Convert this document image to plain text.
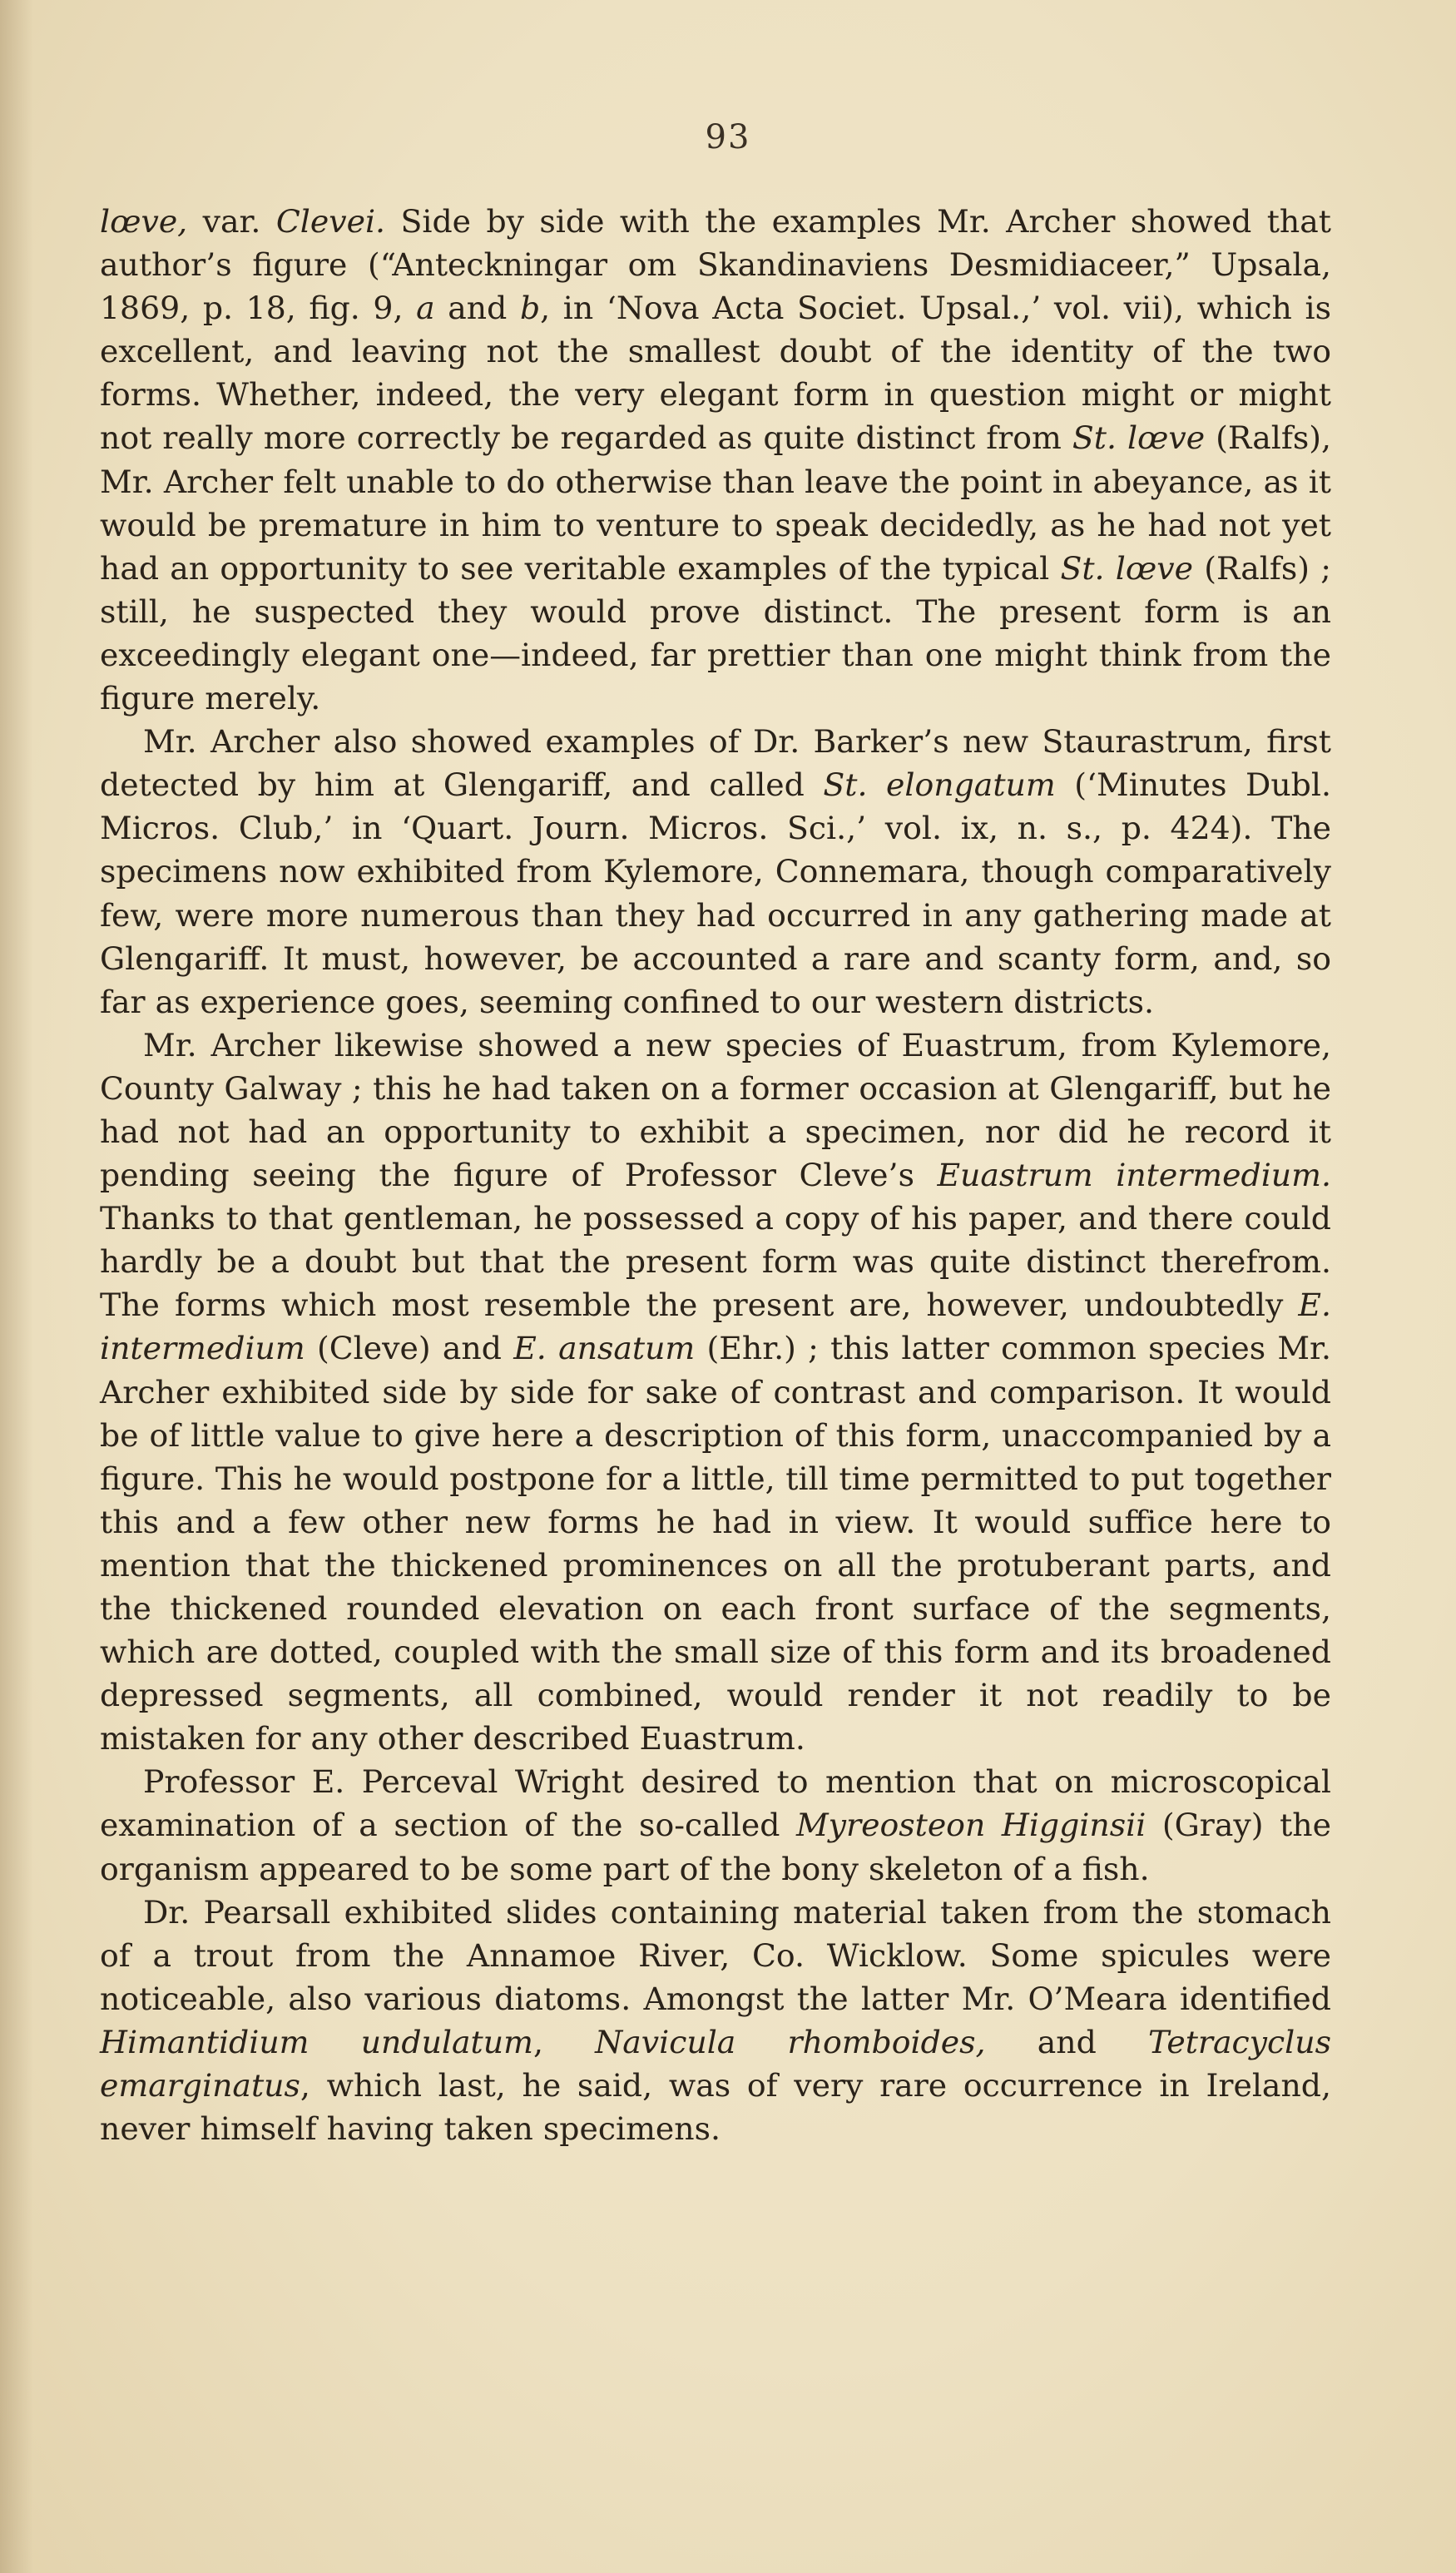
93

lœve, var. Clevei. Side by side with the examples Mr. Archer showed that author’s figure (“Anteckningar om Skandinaviens Desmidiaceer,” Upsala, 1869, p. 18, fig. 9, a and b, in ‘Nova Acta Societ. Upsal.,’ vol. vii), which is excellent, and leaving not the smallest doubt of the identity of the two forms. Whether, indeed, the very elegant form in question might or might not really more correctly be regarded as quite distinct from St. lœve (Ralfs), Mr. Archer felt unable to do otherwise than leave the point in abeyance, as it would be premature in him to venture to speak decidedly, as he had not yet had an opportunity to see veritable examples of the typical St. lœve (Ralfs) ; still, he suspected they would prove distinct. The present form is an exceedingly elegant one—indeed, far prettier than one might think from the figure merely.

Mr. Archer also showed examples of Dr. Barker’s new Staurastrum, first detected by him at Glengariff, and called St. elongatum (‘Minutes Dubl. Micros. Club,’ in ‘Quart. Journ. Micros. Sci.,’ vol. ix, n. s., p. 424). The specimens now exhibited from Kylemore, Connemara, though comparatively few, were more numerous than they had occurred in any gathering made at Glengariff. It must, however, be accounted a rare and scanty form, and, so far as experience goes, seeming confined to our western districts.

Mr. Archer likewise showed a new species of Euastrum, from Kylemore, County Galway ; this he had taken on a former occasion at Glengariff, but he had not had an opportunity to exhibit a specimen, nor did he record it pending seeing the figure of Professor Cleve’s Euastrum intermedium. Thanks to that gentleman, he possessed a copy of his paper, and there could hardly be a doubt but that the present form was quite distinct therefrom. The forms which most resemble the present are, however, undoubtedly E. intermedium (Cleve) and E. ansatum (Ehr.) ; this latter common species Mr. Archer exhibited side by side for sake of contrast and comparison. It would be of little value to give here a description of this form, unaccompanied by a figure. This he would postpone for a little, till time permitted to put together this and a few other new forms he had in view. It would suffice here to mention that the thickened prominences on all the protuberant parts, and the thickened rounded elevation on each front surface of the segments, which are dotted, coupled with the small size of this form and its broadened depressed segments, all combined, would render it not readily to be mistaken for any other described Euastrum.

Professor E. Perceval Wright desired to mention that on microscopical examination of a section of the so-called Myreosteon Higginsii (Gray) the organism appeared to be some part of the bony skeleton of a fish.

Dr. Pearsall exhibited slides containing material taken from the stomach of a trout from the Annamoe River, Co. Wicklow. Some spicules were noticeable, also various diatoms. Amongst the latter Mr. O’Meara identified Himantidium undulatum, Navicula rhomboides, and Tetracyclus emarginatus, which last, he said, was of very rare occurrence in Ireland, never himself having taken specimens.
